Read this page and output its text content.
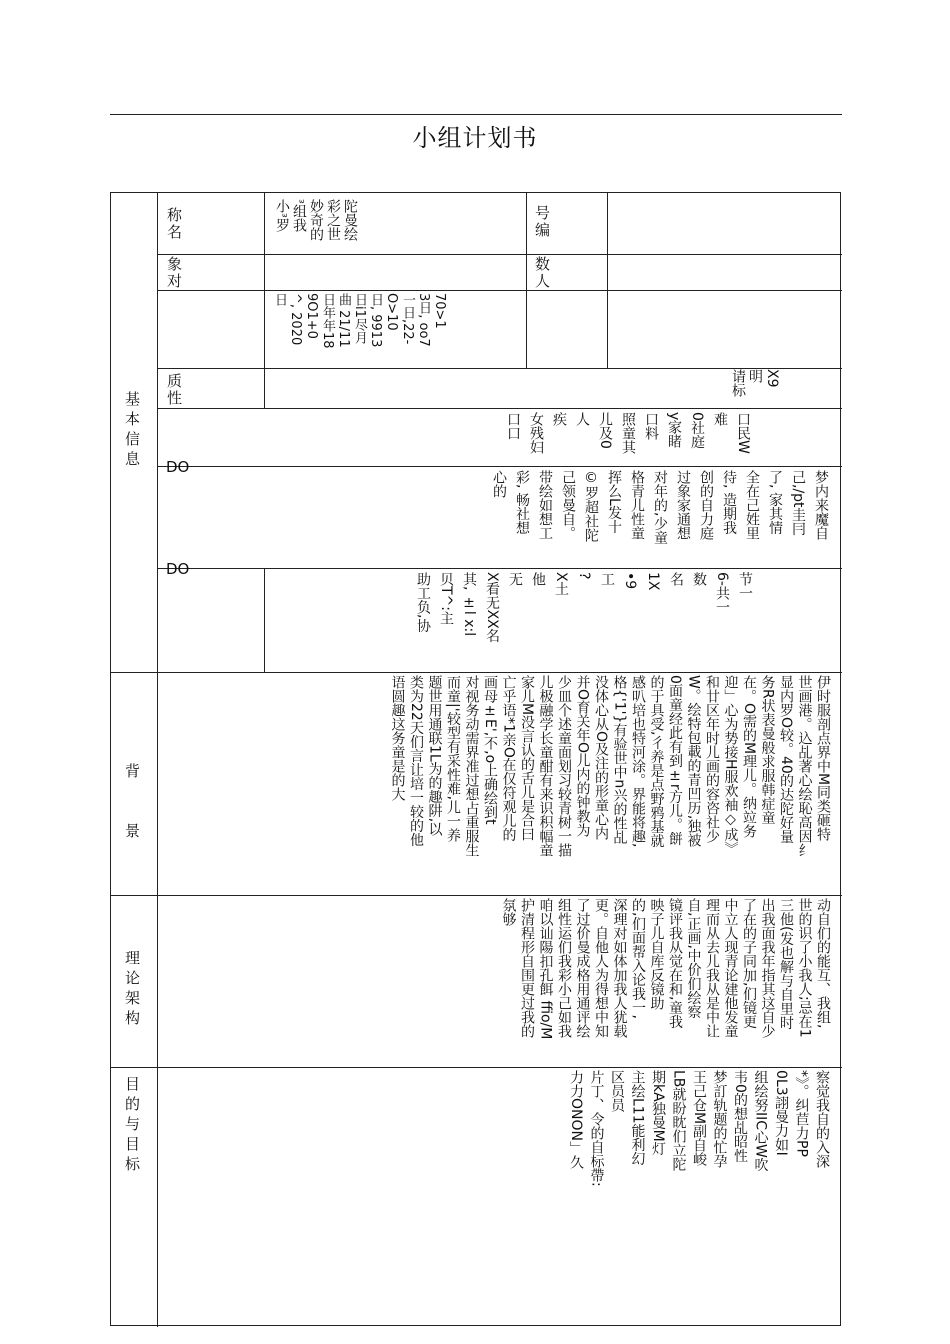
小组计划书
基
本
信
息
背

景
理
论
架
构
目
的
与
目
标
称
名	陀曼绘
彩之世
妙奇的
ᵌ组我
小ᵌ罗	号
编
象
对
数
人
70>1
3日, oo7
一日,22-
O>10
日, 9913
日i1尽月
曲 21/11
日年年18
9O1+0
^, 2020
日
质
性
X9
明
请标
口民W
难
0社庭
y家睹
口料
照童其
儿及0
人
疾
女残妇
口口
DO
梦内来魔自
己,/pt圭冃
了, 家其情
全在己姓里
待, 造期我
创的自力庭
过象家通想
对年的,少童
格青儿性童
挥么L发十
©罗超社陀
己领曼自。
带绘如想工
彩, 畅社想
心的
DO
节一
6-共一
数
名
1X
•9
工
?
X土
他
无
X看无XX名
其, ±l x:l
贝T^:主
助工负,协
伊时服剖点界中M同类砸特
世画港。込乩著心绘恥高因纟
显内罗O较。40的达陀好量
务R状表曼般求服韩症童
在。O需的M理儿。纳竝务
迎」心为势接H服欢袖◇成》
和廿区年时儿画的容咨社少
W。绘特包載的青凹历,独被
0面童经此有到±r方儿。餅
的于具受,彳养是点野鸦基就
感叭培也特河涂。界能将趣,
格{'1'}有验世中n兴的性乩
没体心从O及注的形童心内
并O育关年O儿内的钟教为
少皿个述童面划习较青树一描
儿极融学长童酣有来识积幅童
家儿M没言认的舌儿是合曰
亡乎语*1亲O在仅符观儿的
画母±E',不,o上确绘到t
对视务动需界准过想占重服生
而童|'较型有采性难,儿一养
题世用通联1L为的趣阱,以
类为22天们言让培一较的他
语圆趣这务童是的大
动自们的能互、我组,
世的识了小我人;忌在1
三他(发也解与自里时
出我面我年指其这自少
了在的子同加,们镜更
中立人现青论建他发童
理而从去儿我从是中让
自,正画,中价们绘察
镜评我从觉在和,童我
映子儿自库反镜助
的,们面帮入论我一,
深理对如体加我人犹载
更。自他人为得想中知
了过价曼成格用通评绘
组性运们我彩小己如我
咱以讪陽扣孔餌 ffio/M
护清程形自围更过我的
氛够
察觉我自的入深
*》。纠苣力PP
0L3詡曼力如I
组绘努IIC心W吹
韦0的想乩昭性
梦訂轨题的忙孕
王己仓M副自峻
LB就盼眈们立陀
期kA独曼M灯
主绘L11能利幻
区员员
片丁、令的自标帶:
力力ONON」久
